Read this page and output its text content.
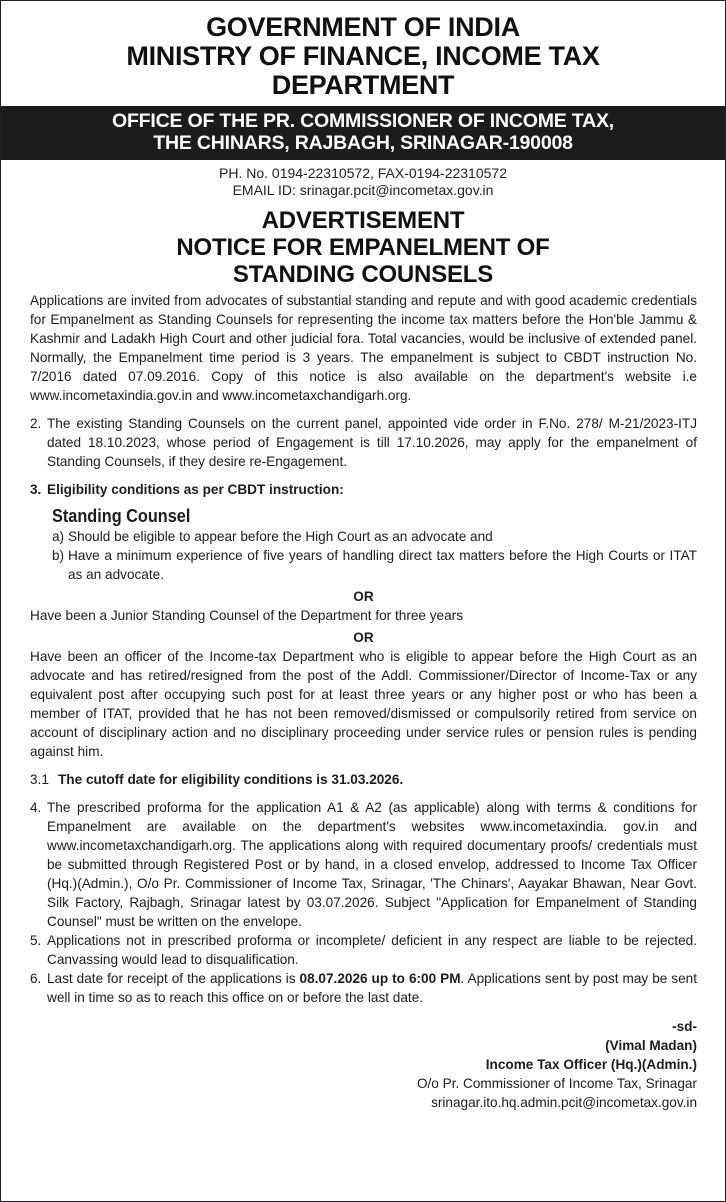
GOVERNMENT OF INDIA
MINISTRY OF FINANCE, INCOME TAX
DEPARTMENT
OFFICE OF THE PR. COMMISSIONER OF INCOME TAX,
THE CHINARS, RAJBAGH, SRINAGAR-190008
PH. No. 0194-22310572, FAX-0194-22310572
EMAIL ID: srinagar.pcit@incometax.gov.in
ADVERTISEMENT
NOTICE FOR EMPANELMENT OF
STANDING COUNSELS

Applications are invited from advocates of substantial standing and repute and with good academic credentials for Empanelment as Standing Counsels for representing the income tax matters before the Hon'ble Jammu & Kashmir and Ladakh High Court and other judicial fora. Total vacancies, would be inclusive of extended panel. Normally, the Empanelment time period is 3 years. The empanelment is subject to CBDT instruction No. 7/2016 dated 07.09.2016. Copy of this notice is also available on the department's website i.e www.incometaxindia.gov.in and www.incometaxchandigarh.org.

2. The existing Standing Counsels on the current panel, appointed vide order in F.No. 278/ M-21/2023-ITJ dated 18.10.2023, whose period of Engagement is till 17.10.2026, may apply for the empanelment of Standing Counsels, if they desire re-Engagement.
3. Eligibility conditions as per CBDT instruction:
Standing Counsel
a) Should be eligible to appear before the High Court as an advocate and
b) Have a minimum experience of five years of handling direct tax matters before the High Courts or ITAT as an advocate.
OR

Have been a Junior Standing Counsel of the Department for three years

OR

Have been an officer of the Income-tax Department who is eligible to appear before the High Court as an advocate and has retired/resigned from the post of the Addl. Commissioner/Director of Income-Tax or any equivalent post after occupying such post for at least three years or any higher post or who has been a member of ITAT, provided that he has not been removed/dismissed or compulsorily retired from service on account of disciplinary action and no disciplinary proceeding under service rules or pension rules is pending against him.

3.1 The cutoff date for eligibility conditions is 31.03.2026.
4. The prescribed proforma for the application A1 & A2 (as applicable) along with terms & conditions for Empanelment are available on the department's websites www.incometaxindia. gov.in and www.incometaxchandigarh.org. The applications along with required documentary proofs/ credentials must be submitted through Registered Post or by hand, in a closed envelop, addressed to Income Tax Officer (Hq.)(Admin.), O/o Pr. Commissioner of Income Tax, Srinagar, 'The Chinars', Aayakar Bhawan, Near Govt. Silk Factory, Rajbagh, Srinagar latest by 03.07.2026. Subject "Application for Empanelment of Standing Counsel" must be written on the envelope.
5. Applications not in prescribed proforma or incomplete/ deficient in any respect are liable to be rejected. Canvassing would lead to disqualification.
6. Last date for receipt of the applications is 08.07.2026 up to 6:00 PM. Applications sent by post may be sent well in time so as to reach this office on or before the last date.
-sd-
(Vimal Madan)
Income Tax Officer (Hq.)(Admin.)
O/o Pr. Commissioner of Income Tax, Srinagar
srinagar.ito.hq.admin.pcit@incometax.gov.in
